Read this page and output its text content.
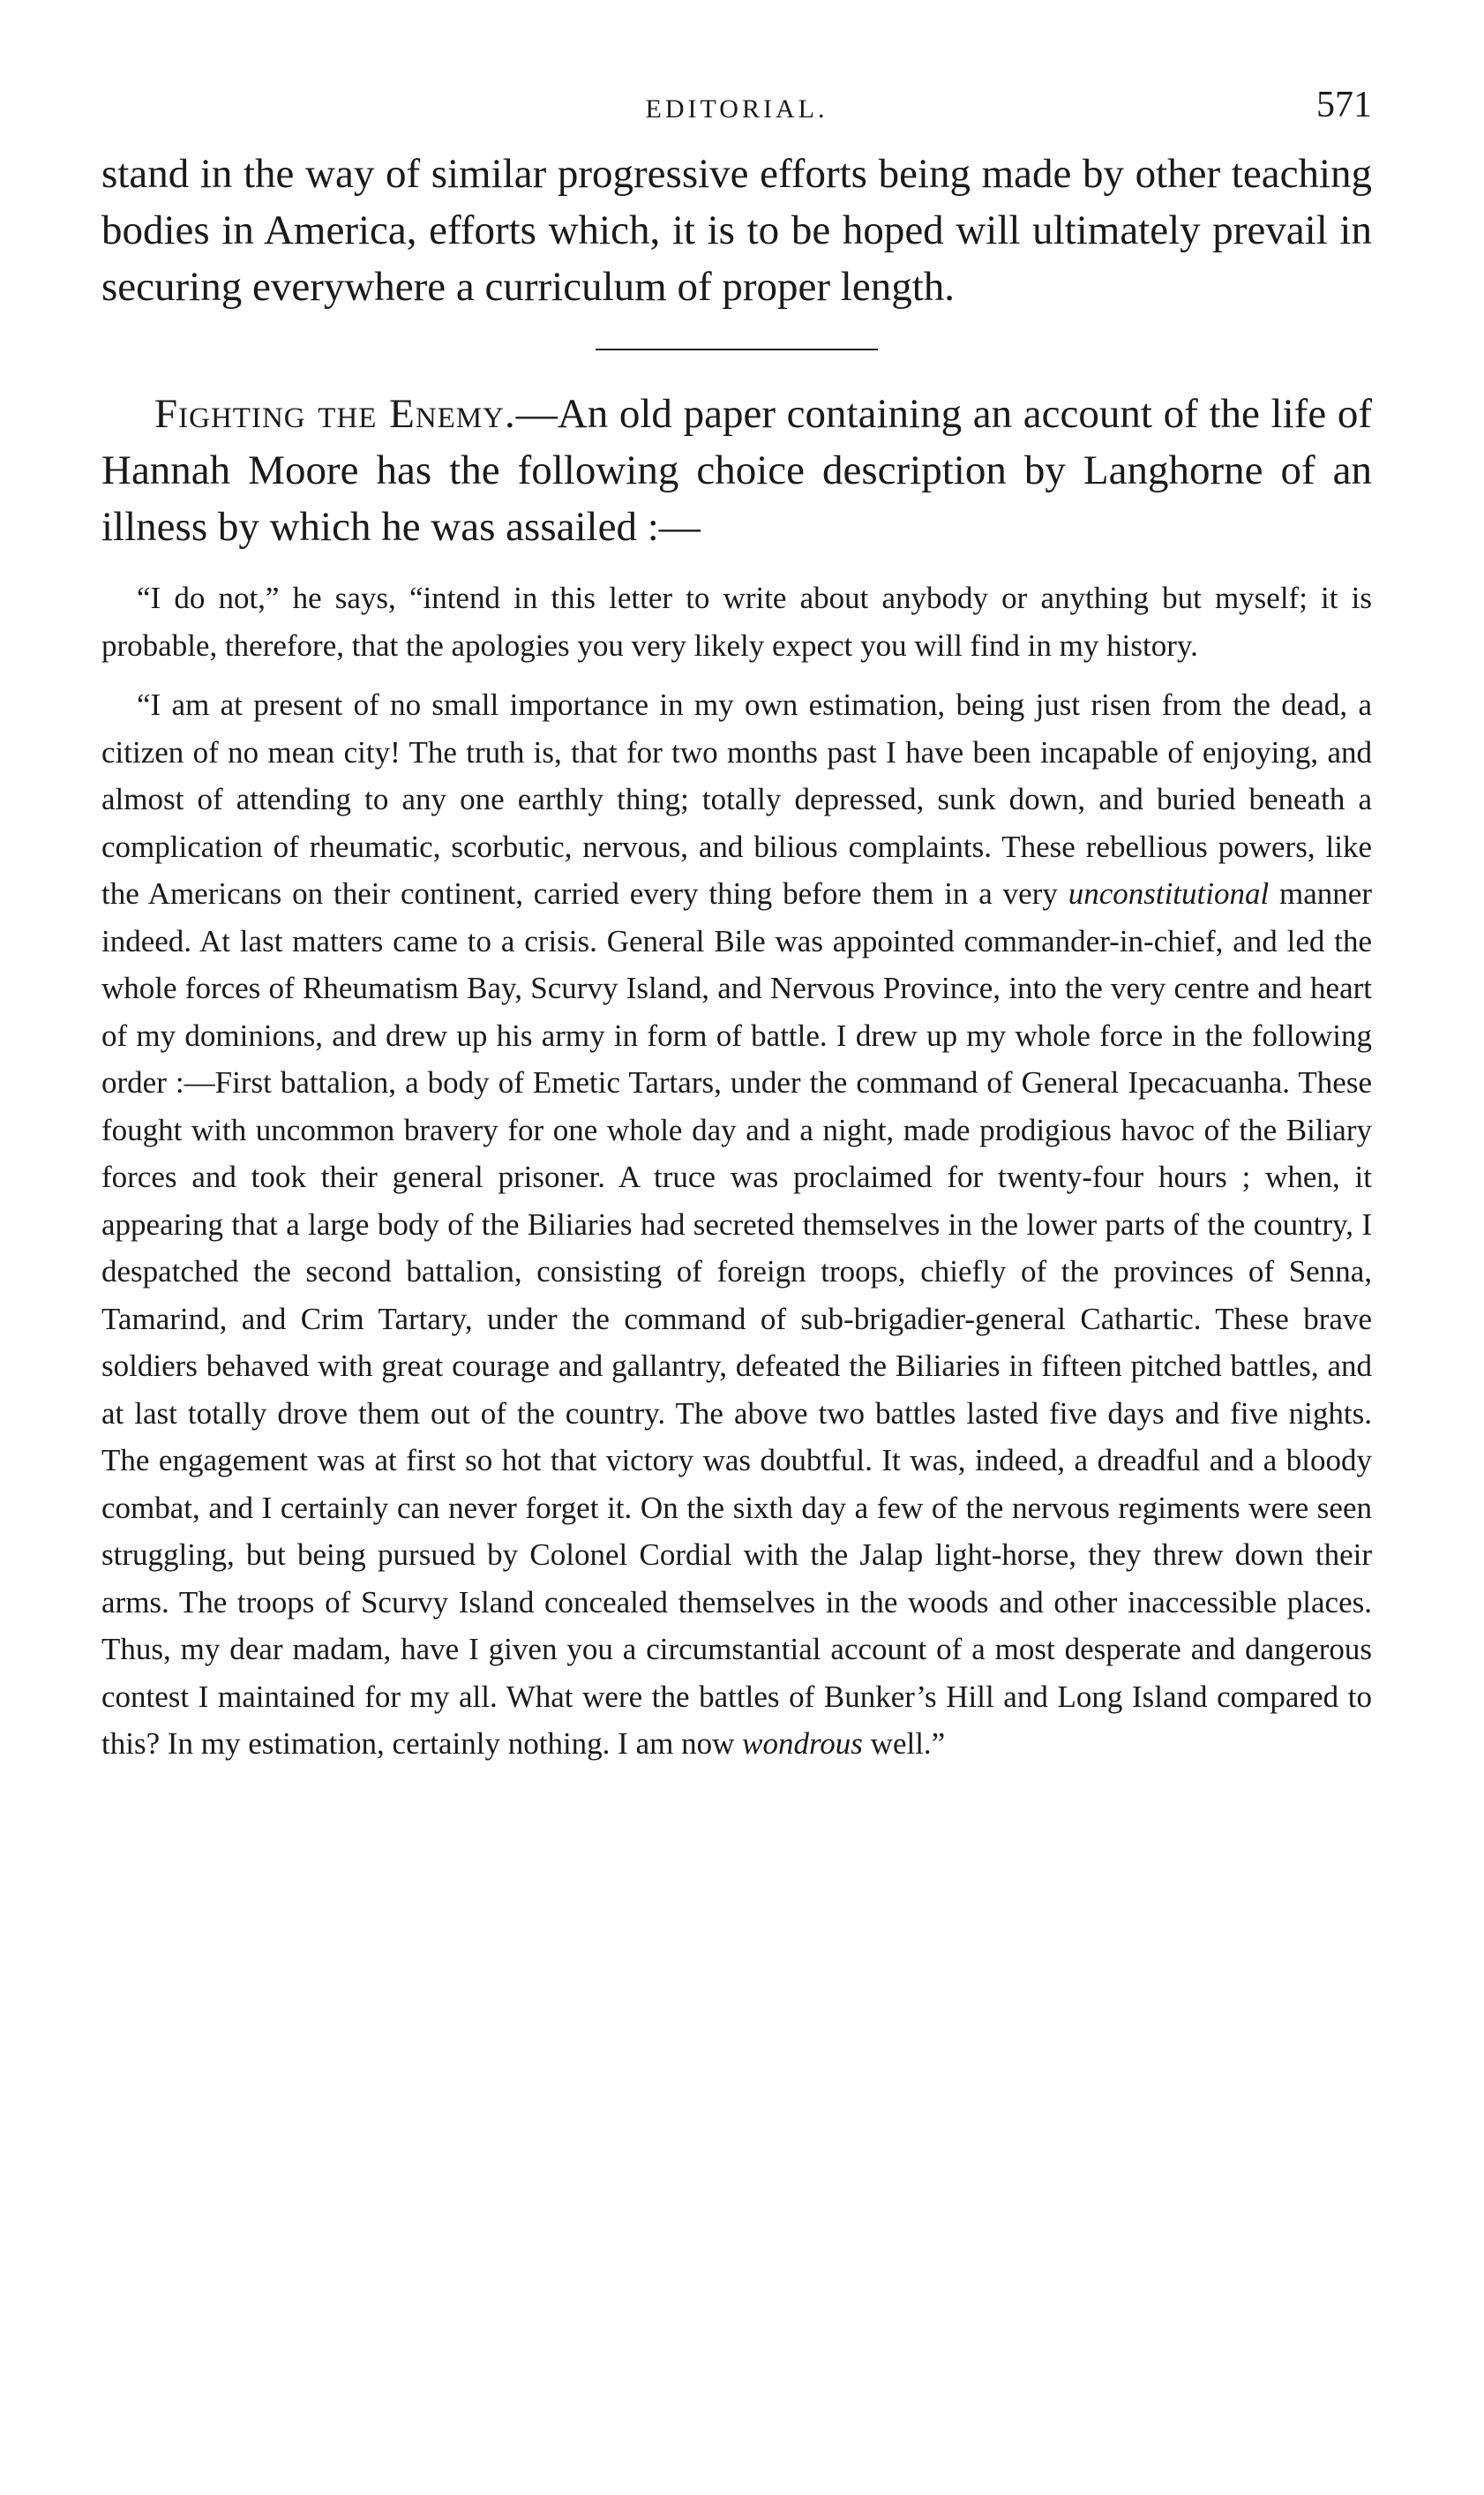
EDITORIAL.	571

stand in the way of similar progressive efforts being made by other teaching bodies in America, efforts which, it is to be hoped will ultimately prevail in securing everywhere a curriculum of proper length.

Fighting the Enemy.—An old paper containing an account of the life of Hannah Moore has the following choice description by Langhorne of an illness by which he was assailed :—

“I do not,” he says, “intend in this letter to write about anybody or anything but myself; it is probable, therefore, that the apologies you very likely expect you will find in my history.

“I am at present of no small importance in my own estimation, being just risen from the dead, a citizen of no mean city! The truth is, that for two months past I have been incapable of enjoying, and almost of attending to any one earthly thing; totally depressed, sunk down, and buried beneath a complication of rheumatic, scorbutic, nervous, and bilious complaints. These rebellious powers, like the Americans on their continent, carried every thing before them in a very unconstitutional manner indeed. At last matters came to a crisis. General Bile was appointed commander-in-chief, and led the whole forces of Rheumatism Bay, Scurvy Island, and Nervous Province, into the very centre and heart of my dominions, and drew up his army in form of battle. I drew up my whole force in the following order :—First battalion, a body of Emetic Tartars, under the command of General Ipecacuanha. These fought with uncommon bravery for one whole day and a night, made prodigious havoc of the Biliary forces and took their general prisoner. A truce was proclaimed for twenty-four hours ; when, it appearing that a large body of the Biliaries had secreted themselves in the lower parts of the country, I despatched the second battalion, consisting of foreign troops, chiefly of the provinces of Senna, Tamarind, and Crim Tartary, under the command of sub-brigadier-general Cathartic. These brave soldiers behaved with great courage and gallantry, defeated the Biliaries in fifteen pitched battles, and at last totally drove them out of the country. The above two battles lasted five days and five nights. The engagement was at first so hot that victory was doubtful. It was, indeed, a dreadful and a bloody combat, and I certainly can never forget it. On the sixth day a few of the nervous regiments were seen struggling, but being pursued by Colonel Cordial with the Jalap light-horse, they threw down their arms. The troops of Scurvy Island concealed themselves in the woods and other inaccessible places. Thus, my dear madam, have I given you a circumstantial account of a most desperate and dangerous contest I maintained for my all. What were the battles of Bunker’s Hill and Long Island compared to this? In my estimation, certainly nothing. I am now wondrous well.”
